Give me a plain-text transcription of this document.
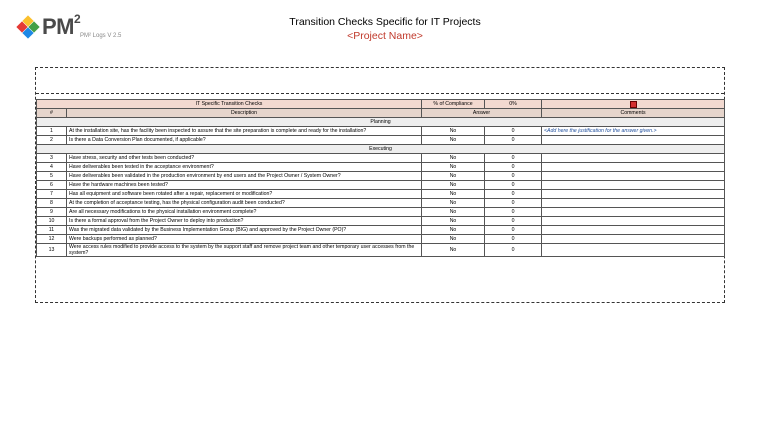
$PM^2$
PM² Logs V 2.5
Transition Checks Specific for IT Projects
<Project Name>
IT Specific Transition Checks		% of Compliance	0%	
#	Description	Answer		Comments
Planning				
1	At the installation site, has the facility been inspected to assure that the site preparation is complete and ready for the installation?	No	0	<Add here the justification for the answer given.>
2	Is there a Data Conversion Plan documented, if applicable?	No	0	
Executing				
3	Have stress, security and other tests been conducted?	No	0	
4	Have deliverables been tested in the acceptance environment?	No	0	
5	Have deliverables been validated in the production environment by end users and the Project Owner / System Owner?	No	0	
6	Have the hardware machines been tested?	No	0	
7	Has all equipment and software been rotated after a repair, replacement or modification?	No	0	
8	At the completion of acceptance testing, has the physical configuration audit been conducted?	No	0	
9	Are all necessary modifications to the physical installation environment complete?	No	0	
10	Is there a formal approval from the Project Owner to deploy into production?	No	0	
11	Was the migrated data validated by the Business Implementation Group (BIG) and approved by the Project Owner (PO)?	No	0	
12	Were backups performed as planned?	No	0	
13	Were access rules modified to provide access to the system by the support staff and remove project team and other temporary user accesses from the system?	No	0	
